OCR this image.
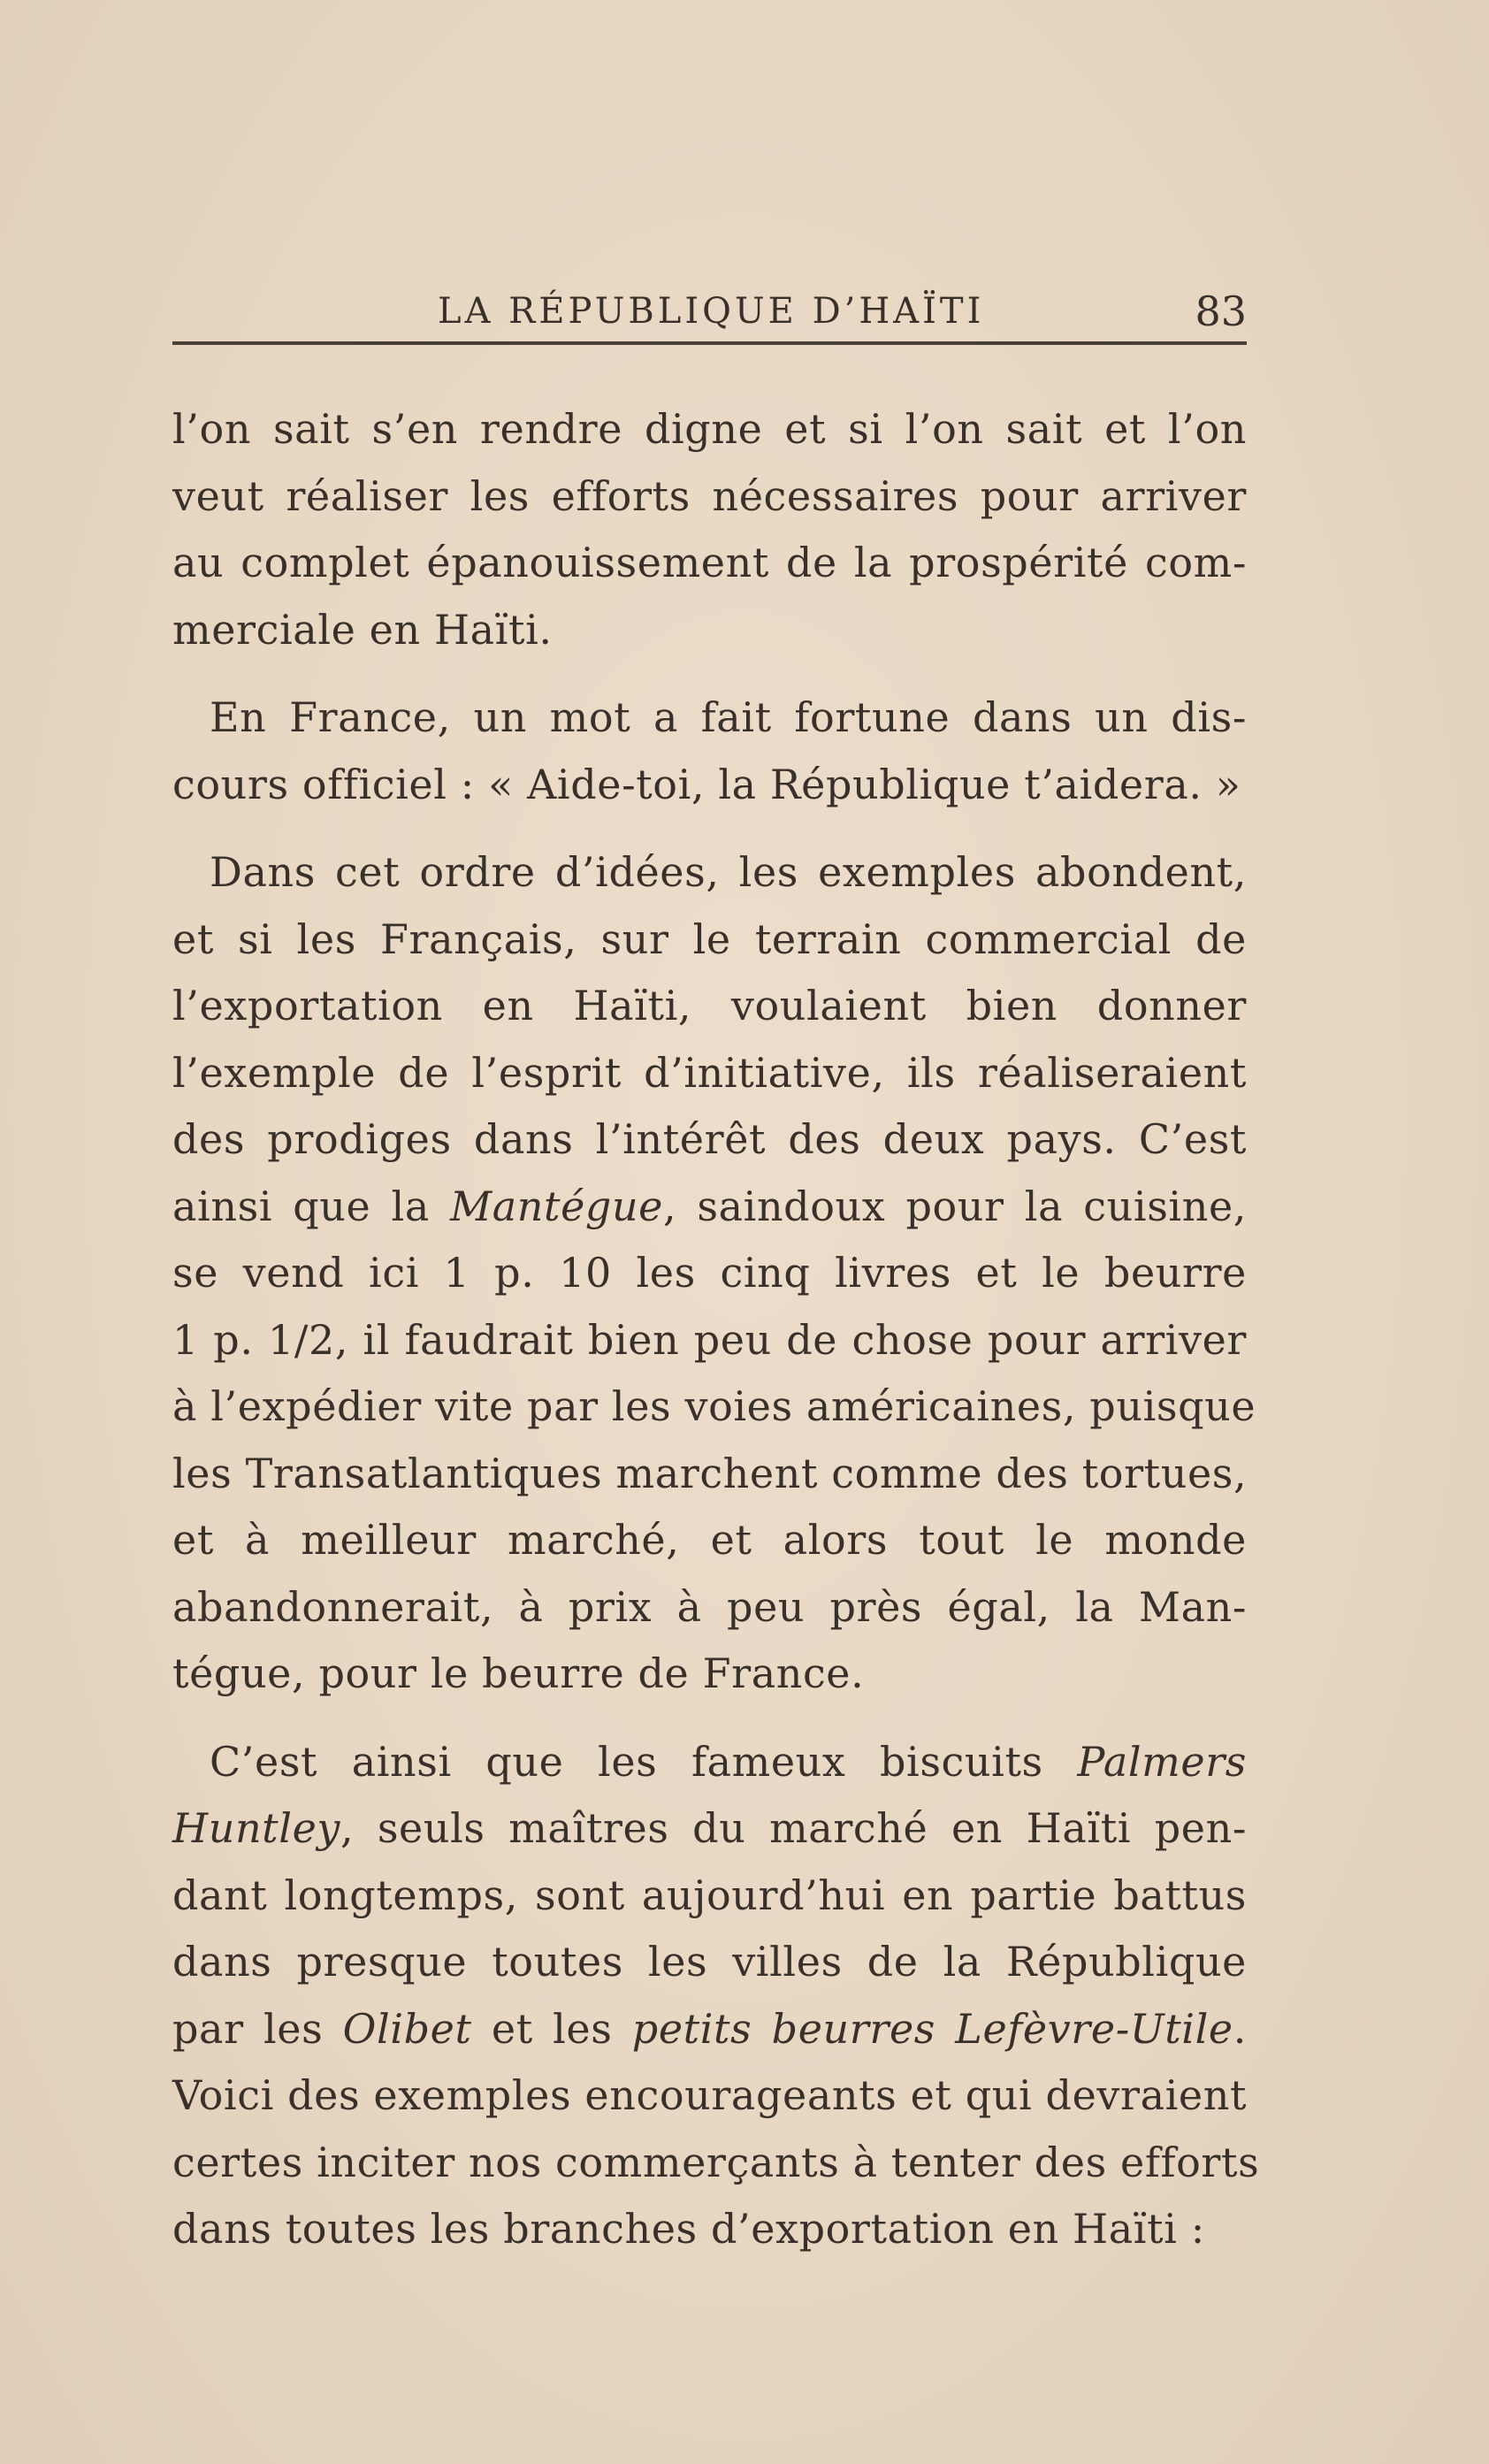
LA RÉPUBLIQUE D’HAÏTI	83
l’on sait s’en rendre digne et si l’on sait et l’on
veut réaliser les efforts nécessaires pour arriver
au complet épanouissement de la prospérité com-
merciale en Haïti.
En France, un mot a fait fortune dans un dis-
cours officiel : « Aide-toi, la République t’aidera. »
Dans cet ordre d’idées, les exemples abondent,
et si les Français, sur le terrain commercial de
l’exportation en Haïti, voulaient bien donner
l’exemple de l’esprit d’initiative, ils réaliseraient
des prodiges dans l’intérêt des deux pays. C’est
ainsi que la Mantégue, saindoux pour la cuisine,
se vend ici 1 p. 10 les cinq livres et le beurre
1 p. 1/2, il faudrait bien peu de chose pour arriver
à l’expédier vite par les voies américaines, puisque
les Transatlantiques marchent comme des tortues,
et à meilleur marché, et alors tout le monde
abandonnerait, à prix à peu près égal, la Man-
tégue, pour le beurre de France.
C’est ainsi que les fameux biscuits Palmers
Huntley, seuls maîtres du marché en Haïti pen-
dant longtemps, sont aujourd’hui en partie battus
dans presque toutes les villes de la République
par les Olibet et les petits beurres Lefèvre-Utile.
Voici des exemples encourageants et qui devraient
certes inciter nos commerçants à tenter des efforts
dans toutes les branches d’exportation en Haïti :
